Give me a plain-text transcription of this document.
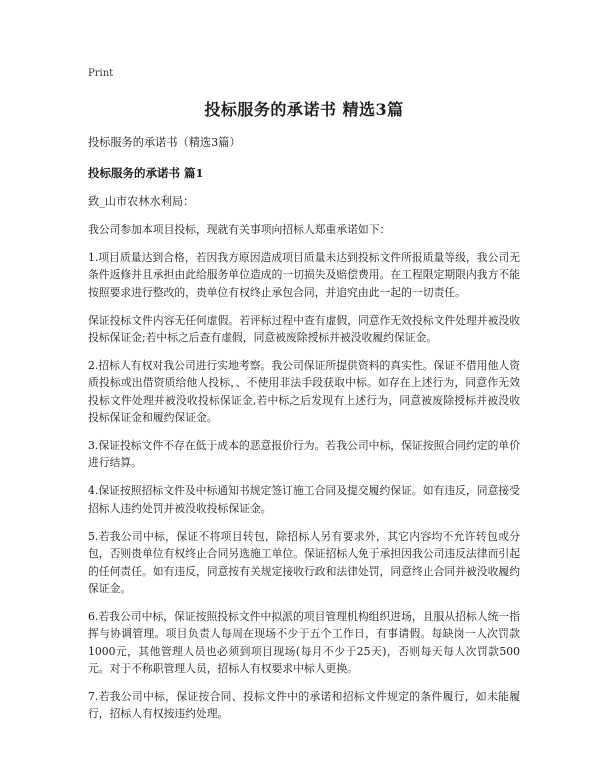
Print
投标服务的承诺书 精选3篇

投标服务的承诺书（精选3篇）

投标服务的承诺书 篇1

致_山市农林水利局：

我公司参加本项目投标，现就有关事项向招标人郑重承诺如下：

1.项目质量达到合格，若因我方原因造成项目质量未达到投标文件所报质量等级，我公司无条件返修并且承担由此给服务单位造成的一切损失及赔偿费用。在工程限定期限内我方不能按照要求进行整改的，贵单位有权终止承包合同，并追究由此一起的一切责任。

保证投标文件内容无任何虚假。若评标过程中查有虚假，同意作无效投标文件处理并被没收投标保证金;若中标之后查有虚假，同意被废除授标并被没收履约保证金。

2.招标人有权对我公司进行实地考察。我公司保证所提供资料的真实性。保证不借用他人资质投标或出借资质给他人投标，、不使用非法手段获取中标。如存在上述行为，同意作无效投标文件处理并被没收投标保证金,若中标之后发现有上述行为，同意被废除授标并被没收投标保证金和履约保证金。

3.保证投标文件不存在低于成本的恶意报价行为。若我公司中标，保证按照合同约定的单价进行结算。

4.保证按照招标文件及中标通知书规定签订施工合同及提交履约保证。如有违反，同意接受招标人违约处罚并被没收投标保证金。

5.若我公司中标，保证不将项目转包，除招标人另有要求外，其它内容均不允许转包或分包，否则贵单位有权终止合同另选施工单位。保证招标人免于承担因我公司违反法律而引起的任何责任。如有违反，同意按有关规定接收行政和法律处罚，同意终止合同并被没收履约保证金。

6.若我公司中标，保证按照投标文件中拟派的项目管理机构组织进场，且服从招标人统一指挥与协调管理。项目负责人每周在现场不少于五个工作日，有事请假。每缺岗一人次罚款1000元，其他管理人员也必须到项目现场(每月不少于25天)，否则每天每人次罚款500元。对于不称职管理人员，招标人有权要求中标人更换。

7.若我公司中标，保证按合同、投标文件中的承诺和招标文件规定的条件履行，如未能履行，招标人有权按违约处理。
